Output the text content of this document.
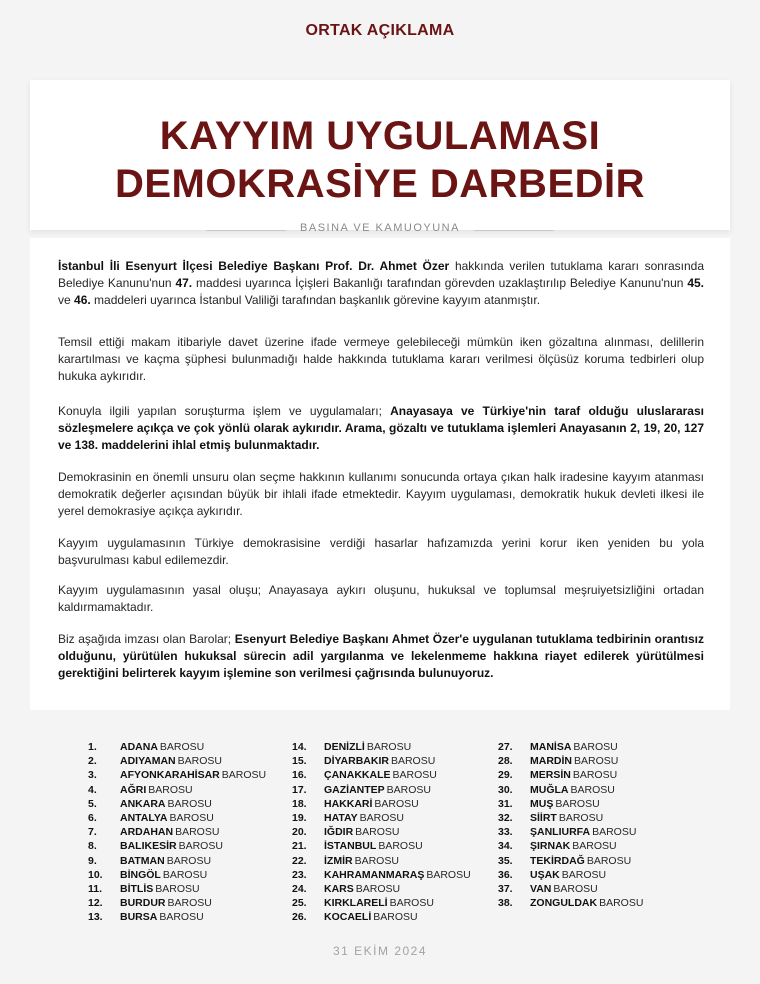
ORTAK AÇIKLAMA
KAYYIM UYGULAMASI
DEMOKRASİYE DARBEDİR
BASINA VE KAMUOYUNA

İstanbul İli Esenyurt İlçesi Belediye Başkanı Prof. Dr. Ahmet Özer hakkında verilen tutuklama kararı sonrasında Belediye Kanunu'nun 47. maddesi uyarınca İçişleri Bakanlığı tarafından görevden uzaklaştırılıp Belediye Kanunu'nun 45. ve 46. maddeleri uyarınca İstanbul Valiliği tarafından başkanlık görevine kayyım atanmıştır.

Temsil ettiği makam itibariyle davet üzerine ifade vermeye gelebileceği mümkün iken gözaltına alınması, delillerin karartılması ve kaçma şüphesi bulunmadığı halde hakkında tutuklama kararı verilmesi ölçüsüz koruma tedbirleri olup hukuka aykırıdır.

Konuyla ilgili yapılan soruşturma işlem ve uygulamaları; Anayasaya ve Türkiye'nin taraf olduğu uluslararası sözleşmelere açıkça ve çok yönlü olarak aykırıdır. Arama, gözaltı ve tutuklama işlemleri Anayasanın 2, 19, 20, 127 ve 138. maddelerini ihlal etmiş bulunmaktadır.

Demokrasinin en önemli unsuru olan seçme hakkının kullanımı sonucunda ortaya çıkan halk iradesine kayyım atanması demokratik değerler açısından büyük bir ihlali ifade etmektedir. Kayyım uygulaması, demokratik hukuk devleti ilkesi ile yerel demokrasiye açıkça aykırıdır.

Kayyım uygulamasının Türkiye demokrasisine verdiği hasarlar hafızamızda yerini korur iken yeniden bu yola başvurulması kabul edilemezdir.

Kayyım uygulamasının yasal oluşu; Anayasaya aykırı oluşunu, hukuksal ve toplumsal meşruiyetsizliğini ortadan kaldırmamaktadır.

Biz aşağıda imzası olan Barolar; Esenyurt Belediye Başkanı Ahmet Özer'e uygulanan tutuklama tedbirinin orantısız olduğunu, yürütülen hukuksal sürecin adil yargılanma ve lekelenmeme hakkına riayet edilerek yürütülmesi gerektiğini belirterek kayyım işlemine son verilmesi çağrısında bulunuyoruz.

1.	ADANA BAROSU
2.	ADIYAMAN BAROSU
3.	AFYONKARAHİSAR BAROSU
4.	AĞRI BAROSU
5.	ANKARA BAROSU
6.	ANTALYA BAROSU
7.	ARDAHAN BAROSU
8.	BALIKESİR BAROSU
9.	BATMAN BAROSU
10.	BİNGÖL BAROSU
11.	BİTLİS BAROSU
12.	BURDUR BAROSU
13.	BURSA BAROSU
14.	DENİZLİ BAROSU
15.	DİYARBAKIR BAROSU
16.	ÇANAKKALE BAROSU
17.	GAZİANTEP BAROSU
18.	HAKKARİ BAROSU
19.	HATAY BAROSU
20.	IĞDIR BAROSU
21.	İSTANBUL BAROSU
22.	İZMİR BAROSU
23.	KAHRAMANMARAŞ BAROSU
24.	KARS BAROSU
25.	KIRKLARELİ BAROSU
26.	KOCAELİ BAROSU
27.	MANİSA BAROSU
28.	MARDİN BAROSU
29.	MERSİN BAROSU
30.	MUĞLA BAROSU
31.	MUŞ BAROSU
32.	SİİRT BAROSU
33.	ŞANLIURFA BAROSU
34.	ŞIRNAK BAROSU
35.	TEKİRDAĞ BAROSU
36.	UŞAK BAROSU
37.	VAN BAROSU
38.	ZONGULDAK BAROSU
31 EKİM 2024
